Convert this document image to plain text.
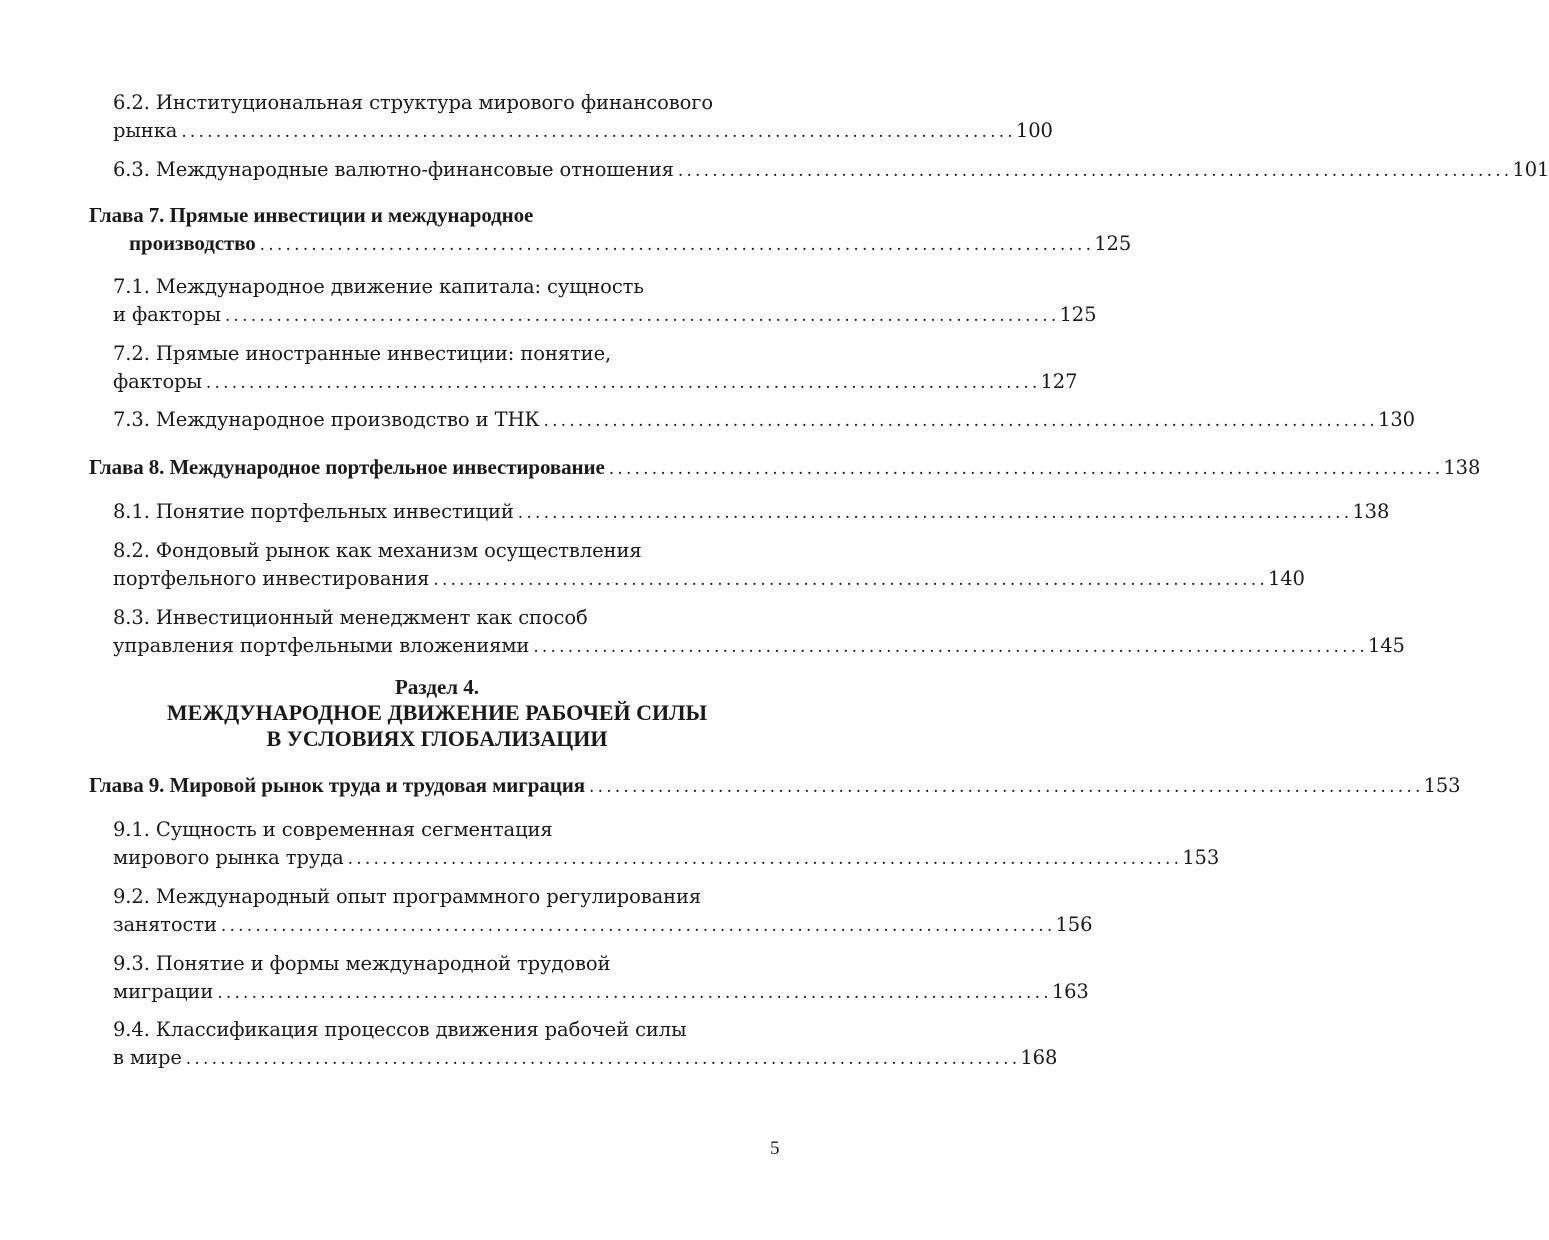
6.2. Институциональная структура мирового финансового
рынка ................................................................................................. 100
6.3. Международные валютно-финансовые отношения ................................................................................................. 101
Глава 7. Прямые инвестиции и международное
производство ................................................................................................. 125
7.1. Международное движение капитала: сущность
и факторы ................................................................................................. 125
7.2. Прямые иностранные инвестиции: понятие,
факторы ................................................................................................. 127
7.3. Международное производство и ТНК ................................................................................................. 130
Глава 8. Международное портфельное инвестирование ................................................................................................. 138
8.1. Понятие портфельных инвестиций ................................................................................................. 138
8.2. Фондовый рынок как механизм осуществления
портфельного инвестирования ................................................................................................. 140
8.3. Инвестиционный менеджмент как способ
управления портфельными вложениями ................................................................................................. 145
Раздел 4.
МЕЖДУНАРОДНОЕ ДВИЖЕНИЕ РАБОЧЕЙ СИЛЫ
В УСЛОВИЯХ ГЛОБАЛИЗАЦИИ
Глава 9. Мировой рынок труда и трудовая миграция ................................................................................................. 153
9.1. Сущность и современная сегментация
мирового рынка труда ................................................................................................. 153
9.2. Международный опыт программного регулирования
занятости ................................................................................................. 156
9.3. Понятие и формы международной трудовой
миграции ................................................................................................. 163
9.4. Классификация процессов движения рабочей силы
в мире ................................................................................................. 168
5
